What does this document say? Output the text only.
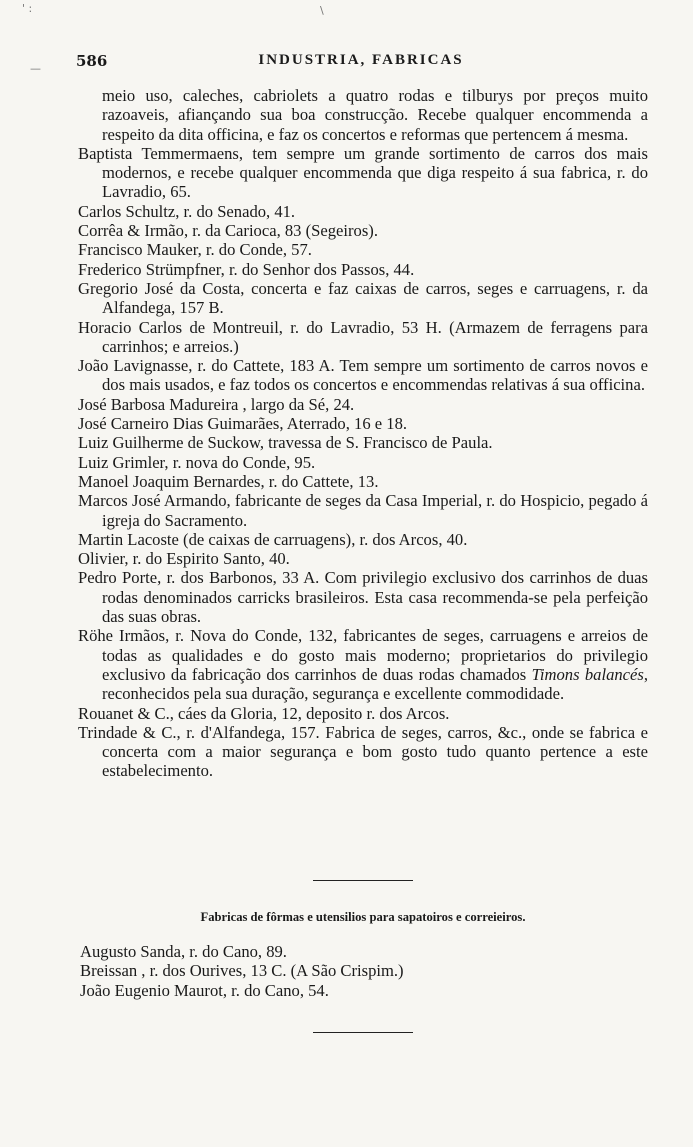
' :	\
— 586	INDUSTRIA, FABRICAS

meio uso, caleches, cabriolets a quatro rodas e tilburys por preços muito razoaveis, afiançando sua boa construcção. Recebe qualquer encommenda a respeito da dita officina, e faz os concertos e reformas que pertencem á mesma.

Baptista Temmermaens, tem sempre um grande sortimento de carros dos mais modernos, e recebe qualquer encommenda que diga respeito á sua fabrica, r. do Lavradio, 65.

Carlos Schultz, r. do Senado, 41.

Corrêa & Irmão, r. da Carioca, 83 (Segeiros).

Francisco Mauker, r. do Conde, 57.

Frederico Strümpfner, r. do Senhor dos Passos, 44.

Gregorio José da Costa, concerta e faz caixas de carros, seges e carruagens, r. da Alfandega, 157 B.

Horacio Carlos de Montreuil, r. do Lavradio, 53 H. (Armazem de ferragens para carrinhos; e arreios.)

João Lavignasse, r. do Cattete, 183 A. Tem sempre um sortimento de carros novos e dos mais usados, e faz todos os concertos e encommendas relativas á sua officina.

José Barbosa Madureira , largo da Sé, 24.

José Carneiro Dias Guimarães, Aterrado, 16 e 18.

Luiz Guilherme de Suckow, travessa de S. Francisco de Paula.

Luiz Grimler, r. nova do Conde, 95.

Manoel Joaquim Bernardes, r. do Cattete, 13.

Marcos José Armando, fabricante de seges da Casa Imperial, r. do Hospicio, pegado á igreja do Sacramento.

Martin Lacoste (de caixas de carruagens), r. dos Arcos, 40.

Olivier, r. do Espirito Santo, 40.

Pedro Porte, r. dos Barbonos, 33 A. Com privilegio exclusivo dos carrinhos de duas rodas denominados carricks brasileiros. Esta casa recommenda-se pela perfeição das suas obras.

Röhe Irmãos, r. Nova do Conde, 132, fabricantes de seges, carruagens e arreios de todas as qualidades e do gosto mais moderno; proprietarios do privilegio exclusivo da fabricação dos carrinhos de duas rodas chamados Timons balancés, reconhecidos pela sua duração, segurança e excellente commodidade.

Rouanet & C., cáes da Gloria, 12, deposito r. dos Arcos.

Trindade & C., r. d'Alfandega, 157. Fabrica de seges, carros, &c., onde se fabrica e concerta com a maior segurança e bom gosto tudo quanto pertence a este estabelecimento.

Fabricas de fôrmas e utensilios para sapatoiros e correieiros.

Augusto Sanda, r. do Cano, 89.

Breissan , r. dos Ourives, 13 C. (A São Crispim.)

João Eugenio Maurot, r. do Cano, 54.
